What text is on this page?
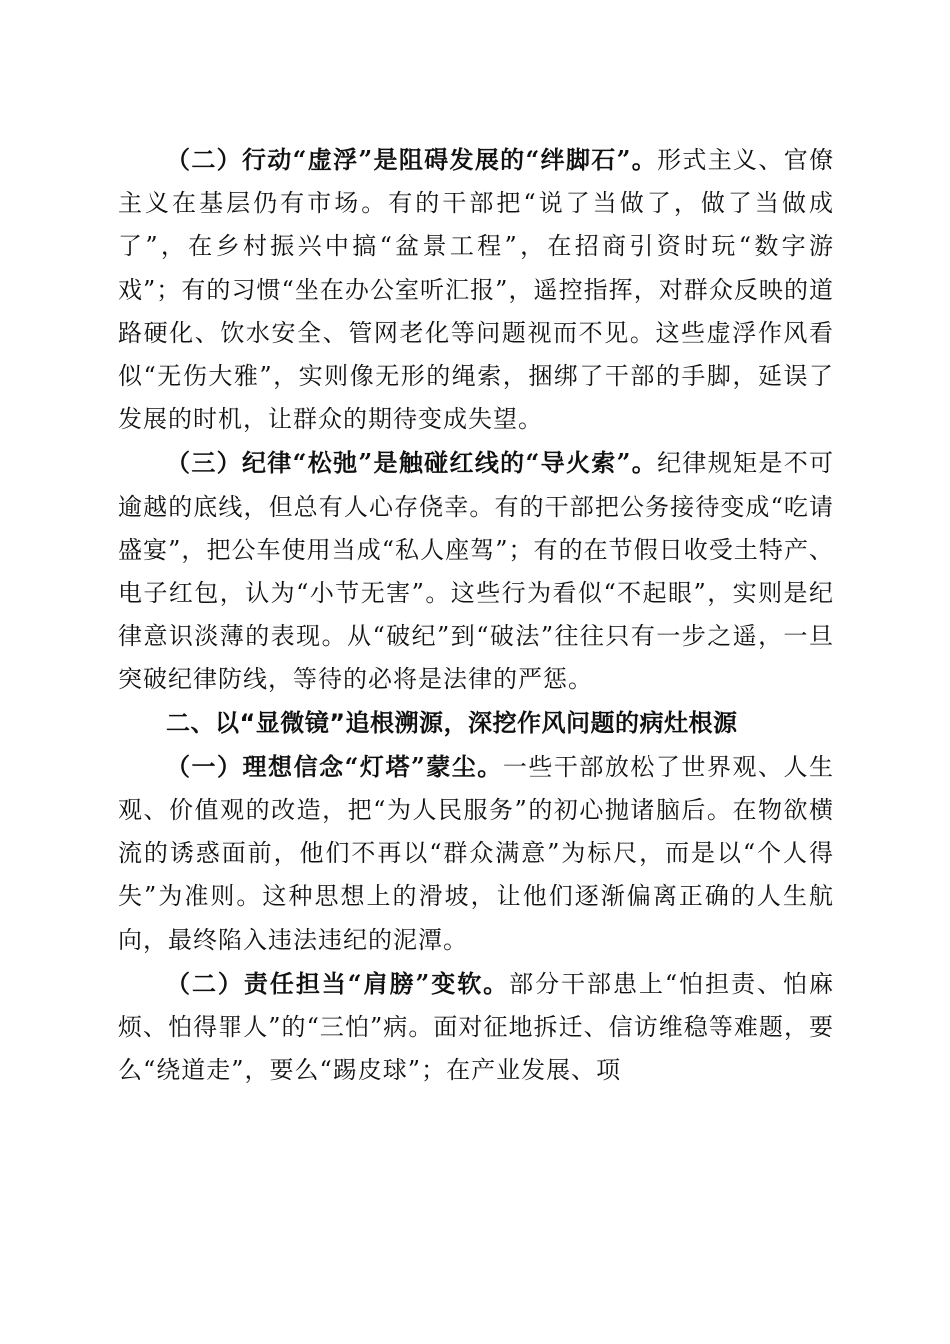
（二）行动“虚浮”是阻碍发展的“绊脚石”。形式主义、官僚主义在基层仍有市场。有的干部把“说了当做了，做了当做成了”，在乡村振兴中搞“盆景工程”，在招商引资时玩“数字游戏”；有的习惯“坐在办公室听汇报”，遥控指挥，对群众反映的道路硬化、饮水安全、管网老化等问题视而不见。这些虚浮作风看似“无伤大雅”，实则像无形的绳索，捆绑了干部的手脚，延误了发展的时机，让群众的期待变成失望。

（三）纪律“松弛”是触碰红线的“导火索”。纪律规矩是不可逾越的底线，但总有人心存侥幸。有的干部把公务接待变成“吃请盛宴”，把公车使用当成“私人座驾”；有的在节假日收受土特产、电子红包，认为“小节无害”。这些行为看似“不起眼”，实则是纪律意识淡薄的表现。从“破纪”到“破法”往往只有一步之遥，一旦突破纪律防线，等待的必将是法律的严惩。

二、以“显微镜”追根溯源，深挖作风问题的病灶根源

（一）理想信念“灯塔”蒙尘。一些干部放松了世界观、人生观、价值观的改造，把“为人民服务”的初心抛诸脑后。在物欲横流的诱惑面前，他们不再以“群众满意”为标尺，而是以“个人得失”为准则。这种思想上的滑坡，让他们逐渐偏离正确的人生航向，最终陷入违法违纪的泥潭。

（二）责任担当“肩膀”变软。部分干部患上“怕担责、怕麻烦、怕得罪人”的“三怕”病。面对征地拆迁、信访维稳等难题，要么“绕道走”，要么“踢皮球”；在产业发展、项
